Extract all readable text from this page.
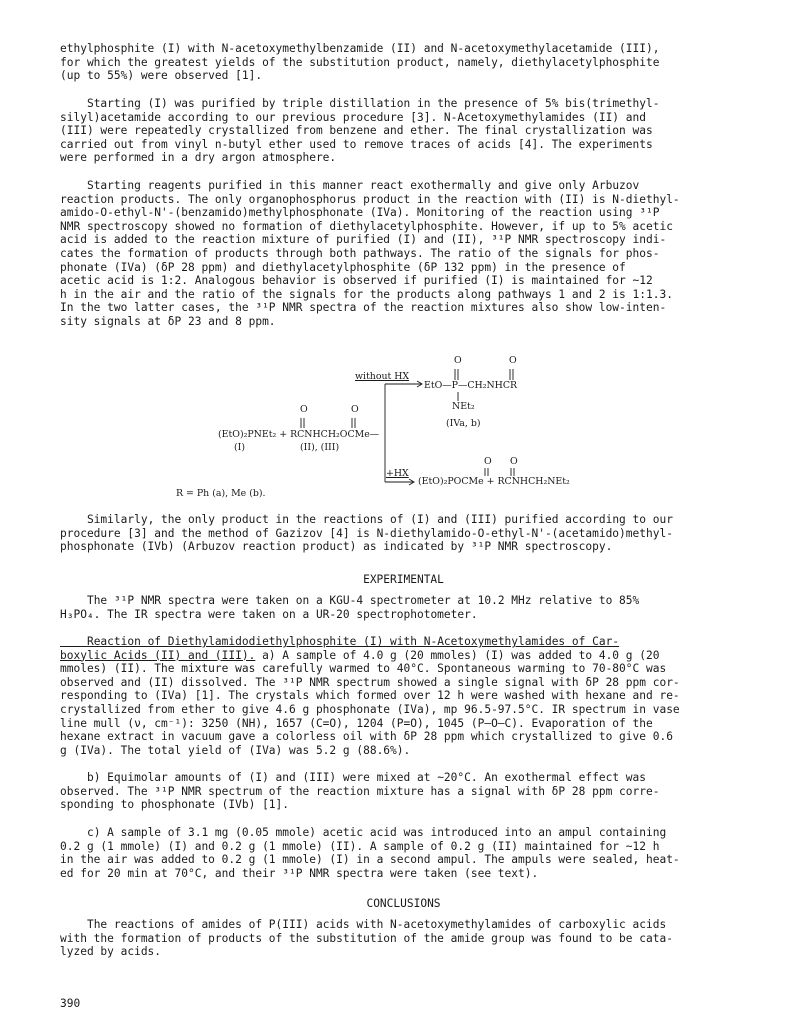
ethylphosphite (I) with N-acetoxymethylbenzamide (II) and N-acetoxymethylacetamide (III),
for which the greatest yields of the substitution product, namely, diethylacetylphosphite
(up to 55%) were observed [1].

Starting (I) was purified by triple distillation in the presence of 5% bis(trimethyl-
silyl)acetamide according to our previous procedure [3]. N-Acetoxymethylamides (II) and
(III) were repeatedly crystallized from benzene and ether. The final crystallization was
carried out from vinyl n-butyl ether used to remove traces of acids [4]. The experiments
were performed in a dry argon atmosphere.

Starting reagents purified in this manner react exothermally and give only Arbuzov
reaction products. The only organophosphorus product in the reaction with (II) is N-diethyl-
amido-O-ethyl-N'-(benzamido)methylphosphonate (IVa). Monitoring of the reaction using ³¹P
NMR spectroscopy showed no formation of diethylacetylphosphite. However, if up to 5% acetic
acid is added to the reaction mixture of purified (I) and (II), ³¹P NMR spectroscopy indi-
cates the formation of products through both pathways. The ratio of the signals for phos-
phonate (IVa) (δP 28 ppm) and diethylacetylphosphite (δP 132 ppm) in the presence of
acetic acid is 1:2. Analogous behavior is observed if purified (I) is maintained for ~12
h in the air and the ratio of the signals for the products along pathways 1 and 2 is 1:1.3.
In the two latter cases, the ³¹P NMR spectra of the reaction mixtures also show low-inten-
sity signals at δP 23 and 8 ppm.

without HX
O	O
EtO—P—CH₂NHCR
NEt₂
(IVa, b)
O	O
(EtO)₂PNEt₂ + RCNHCH₂OCMe—
(I)	(II), (III)
+HX
O O
(EtO)₂POCMe + RCNHCH₂NEt₂
R = Ph (a), Me (b).

Similarly, the only product in the reactions of (I) and (III) purified according to our
procedure [3] and the method of Gazizov [4] is N-diethylamido-O-ethyl-N'-(acetamido)methyl-
phosphonate (IVb) (Arbuzov reaction product) as indicated by ³¹P NMR spectroscopy.

EXPERIMENTAL

The ³¹P NMR spectra were taken on a KGU-4 spectrometer at 10.2 MHz relative to 85%
H₃PO₄. The IR spectra were taken on a UR-20 spectrophotometer.

Reaction of Diethylamidodiethylphosphite (I) with N-Acetoxymethylamides of Car-
boxylic Acids (II) and (III). a) A sample of 4.0 g (20 mmoles) (I) was added to 4.0 g (20
mmoles) (II). The mixture was carefully warmed to 40°C. Spontaneous warming to 70-80°C was
observed and (II) dissolved. The ³¹P NMR spectrum showed a single signal with δP 28 ppm cor-
responding to (IVa) [1]. The crystals which formed over 12 h were washed with hexane and re-
crystallized from ether to give 4.6 g phosphonate (IVa), mp 96.5-97.5°C. IR spectrum in vase
line mull (ν, cm⁻¹): 3250 (NH), 1657 (C=O), 1204 (P=O), 1045 (P—O—C). Evaporation of the
hexane extract in vacuum gave a colorless oil with δP 28 ppm which crystallized to give 0.6
g (IVa). The total yield of (IVa) was 5.2 g (88.6%).

b) Equimolar amounts of (I) and (III) were mixed at ~20°C. An exothermal effect was
observed. The ³¹P NMR spectrum of the reaction mixture has a signal with δP 28 ppm corre-
sponding to phosphonate (IVb) [1].

c) A sample of 3.1 mg (0.05 mmole) acetic acid was introduced into an ampul containing
0.2 g (1 mmole) (I) and 0.2 g (1 mmole) (II). A sample of 0.2 g (II) maintained for ~12 h
in the air was added to 0.2 g (1 mmole) (I) in a second ampul. The ampuls were sealed, heat-
ed for 20 min at 70°C, and their ³¹P NMR spectra were taken (see text).

CONCLUSIONS

The reactions of amides of P(III) acids with N-acetoxymethylamides of carboxylic acids
with the formation of products of the substitution of the amide group was found to be cata-
lyzed by acids.

390
